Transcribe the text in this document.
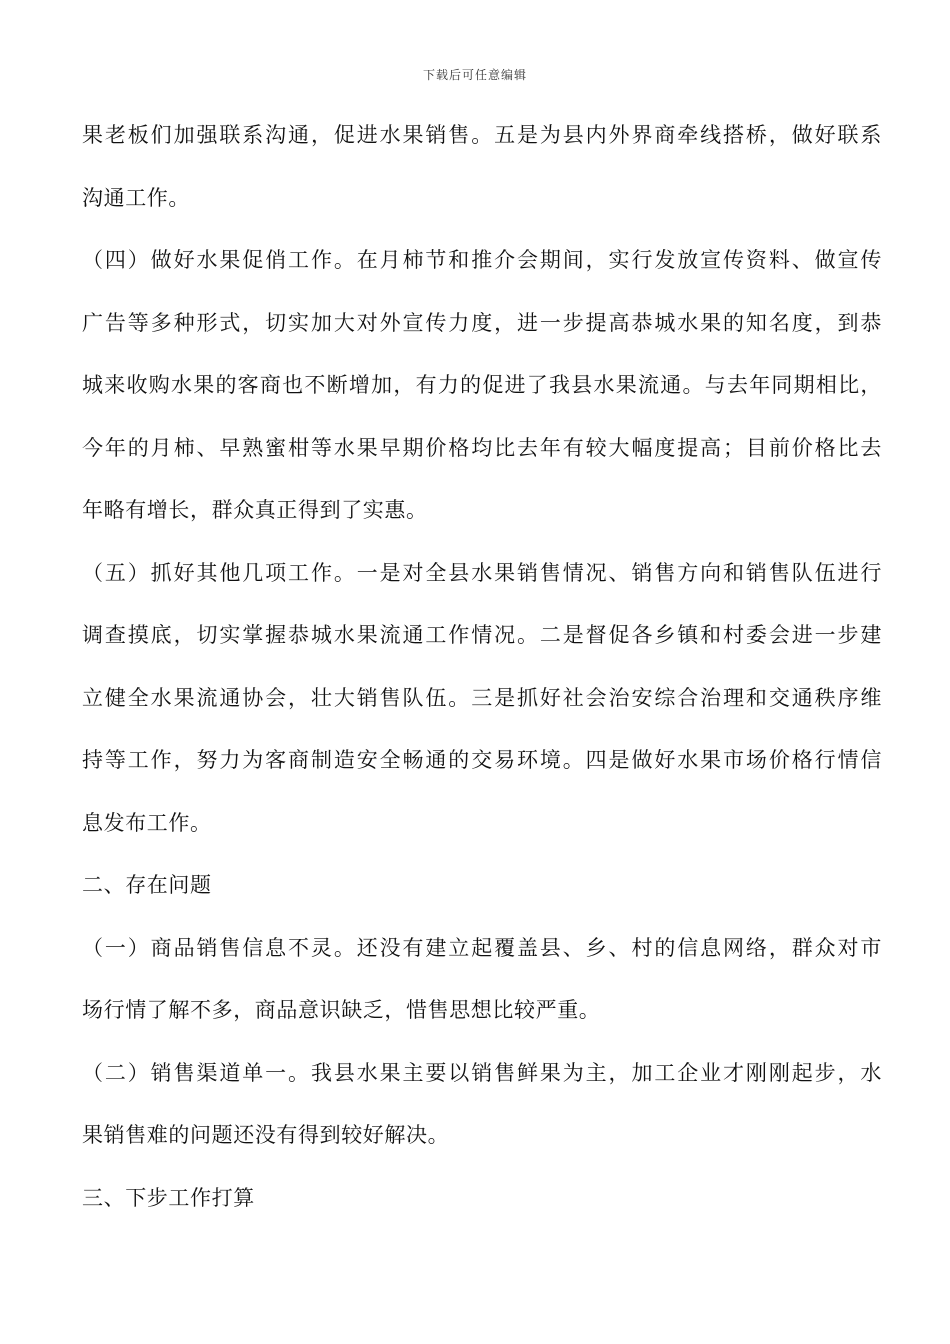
下载后可任意编辑
果老板们加强联系沟通，促进水果销售。五是为县内外界商牵线搭桥，做好联系
沟通工作。
（四）做好水果促俏工作。在月柿节和推介会期间，实行发放宣传资料、做宣传
广告等多种形式，切实加大对外宣传力度，进一步提高恭城水果的知名度，到恭
城来收购水果的客商也不断增加，有力的促进了我县水果流通。与去年同期相比，
今年的月柿、早熟蜜柑等水果早期价格均比去年有较大幅度提高；目前价格比去
年略有增长，群众真正得到了实惠。
（五）抓好其他几项工作。一是对全县水果销售情况、销售方向和销售队伍进行
调查摸底，切实掌握恭城水果流通工作情况。二是督促各乡镇和村委会进一步建
立健全水果流通协会，壮大销售队伍。三是抓好社会治安综合治理和交通秩序维
持等工作，努力为客商制造安全畅通的交易环境。四是做好水果市场价格行情信
息发布工作。
二、存在问题
（一）商品销售信息不灵。还没有建立起覆盖县、乡、村的信息网络，群众对市
场行情了解不多，商品意识缺乏，惜售思想比较严重。
（二）销售渠道单一。我县水果主要以销售鲜果为主，加工企业才刚刚起步，水
果销售难的问题还没有得到较好解决。
三、下步工作打算
